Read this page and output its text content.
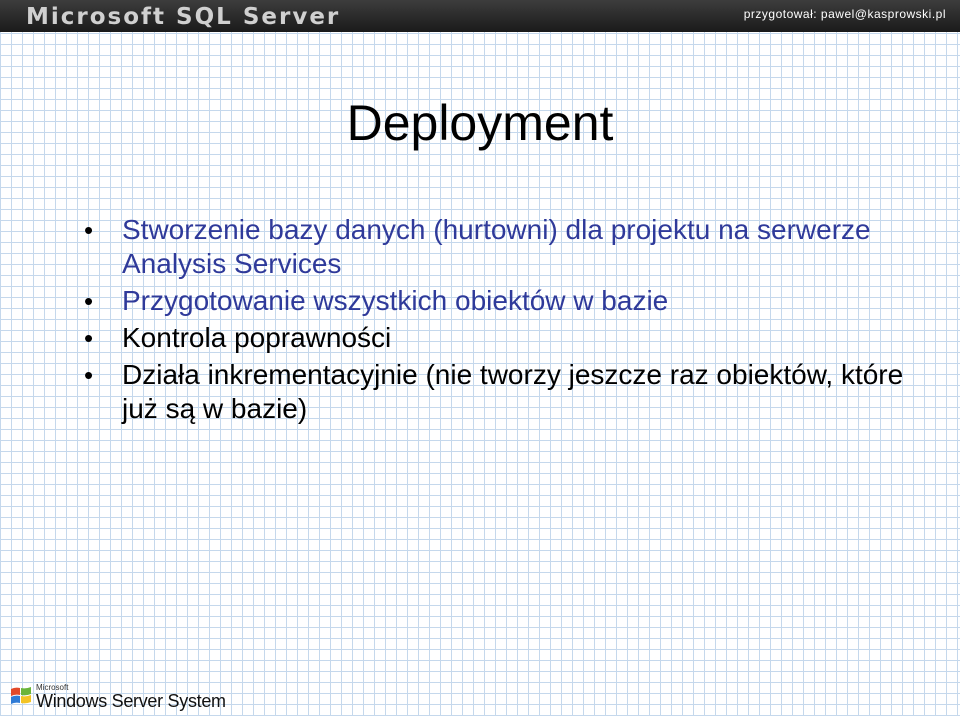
Microsoft SQL Server	przygotował: pawel@kasprowski.pl
Deployment
• Stworzenie bazy danych (hurtowni) dla projektu na serwerze Analysis Services
• Przygotowanie wszystkich obiektów w bazie
• Kontrola poprawności
• Działa inkrementacyjnie (nie tworzy jeszcze raz obiektów, które już są w bazie)
Microsoft
Windows Server System
